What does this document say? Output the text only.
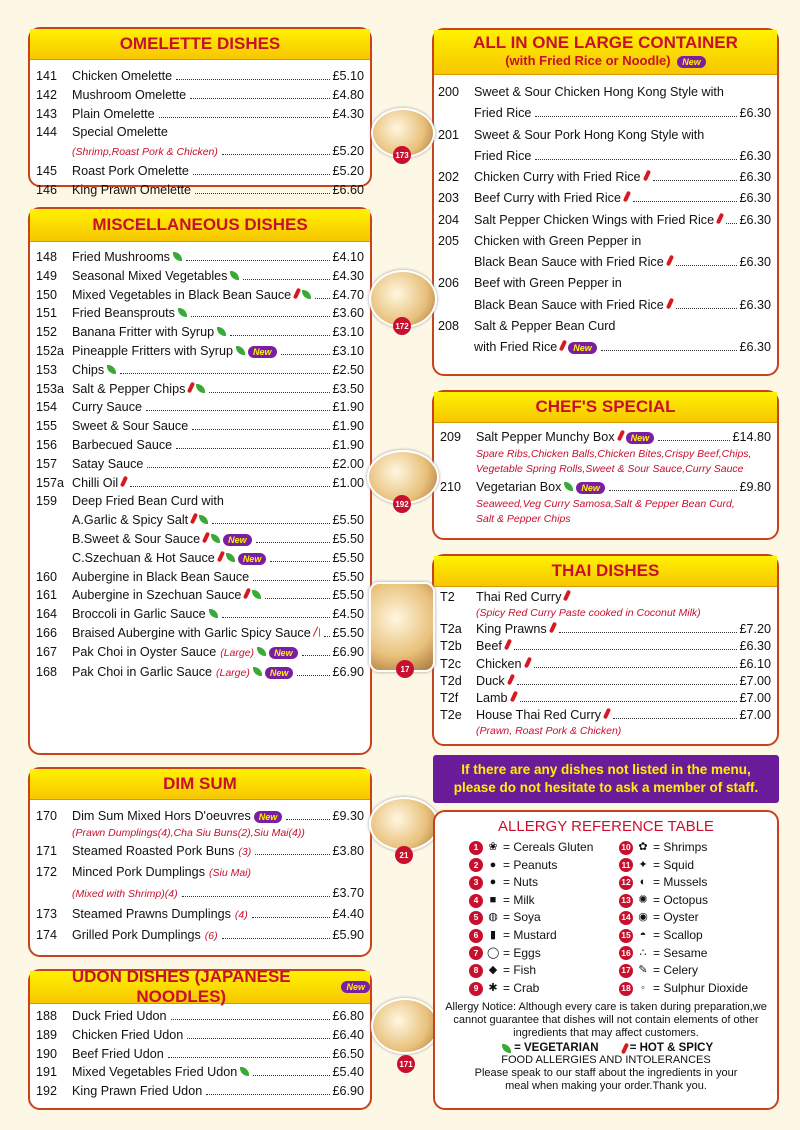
OMELETTE DISHES
141	Chicken Omelette	£5.10
142	Mushroom Omelette	£4.80
143	Plain Omelette	£4.30
144	Special Omelette
(Shrimp,Roast Pork & Chicken)	£5.20
145	Roast Pork Omelette	£5.20
146	King Prawn Omelette	£6.60
MISCELLANEOUS DISHES
148	Fried Mushrooms	£4.10
149	Seasonal Mixed Vegetables	£4.30
150	Mixed Vegetables in Black Bean Sauce	£4.70
151	Fried Beansprouts	£3.60
152	Banana Fritter with Syrup	£3.10
152a Pineapple Fritters with Syrup	New	£3.10
153	Chips	£2.50
153a Salt & Pepper Chips	£3.50
154	Curry Sauce	£1.90
155	Sweet & Sour Sauce	£1.90
156	Barbecued Sauce	£1.90
157	Satay Sauce	£2.00
157a Chilli Oil	£1.00
159	Deep Fried Bean Curd with
A.Garlic & Spicy Salt	£5.50
B.Sweet & Sour Sauce	New	£5.50
C.Szechuan & Hot Sauce	New	£5.50
160	Aubergine in Black Bean Sauce	£5.50
161	Aubergine in Szechuan Sauce	£5.50
164	Broccoli in Garlic Sauce	£4.50
166	Braised Aubergine with Garlic Spicy Sauce £5.50
167	Pak Choi in Oyster Sauce (Large)	New	£6.90
168	Pak Choi in Garlic Sauce (Large)	New	£6.90
DIM SUM
170	Dim Sum Mixed Hors D'oeuvres New	£9.30
(Prawn Dumplings(4),Cha Siu Buns(2),Siu Mai(4))
171	Steamed Roasted Pork Buns (3)	£3.80
172	Minced Pork Dumplings (Siu Mai)
(Mixed with Shrimp)(4)	£3.70
173	Steamed Prawns Dumplings (4)	£4.40
174	Grilled Pork Dumplings (6)	£5.90
UDON DISHES (JAPANESE NOODLES)	New
188	Duck Fried Udon	£6.80
189	Chicken Fried Udon	£6.40
190	Beef Fried Udon	£6.50
191	Mixed Vegetables Fried Udon	£5.40
192	King Prawn Fried Udon	£6.90
ALL IN ONE LARGE CONTAINER
(with Fried Rice or Noodle) New
200	Sweet & Sour Chicken Hong Kong Style with
Fried Rice	£6.30
201	Sweet & Sour Pork Hong Kong Style with
Fried Rice	£6.30
202	Chicken Curry with Fried Rice	£6.30
203	Beef Curry with Fried Rice	£6.30
204	Salt Pepper Chicken Wings with Fried Rice £6.30
205	Chicken with Green Pepper in
Black Bean Sauce with Fried Rice	£6.30
206	Beef with Green Pepper in
Black Bean Sauce with Fried Rice	£6.30
208	Salt & Pepper Bean Curd
with Fried Rice	New	£6.30
CHEF'S SPECIAL
209	Salt Pepper Munchy Box	New	£14.80
Spare Ribs,Chicken Balls,Chicken Bites,Crispy Beef,Chips,
Vegetable Spring Rolls,Sweet & Sour Sauce,Curry Sauce
210	Vegetarian Box	New	£9.80
Seaweed,Veg Curry Samosa,Salt & Pepper Bean Curd,
Salt & Pepper Chips
THAI DISHES
T2	Thai Red Curry
(Spicy Red Curry Paste cooked in Coconut Milk)
T2a	King Prawns	£7.20
T2b	Beef	£6.30
T2c	Chicken	£6.10
T2d	Duck	£7.00
T2f	Lamb	£7.00
T2e	House Thai Red Curry	£7.00
(Prawn, Roast Pork & Chicken)
173
172
192
17
21
171
If there are any dishes not listed in the menu,
please do not hesitate to ask a member of staff.
ALLERGY REFERENCE TABLE
1 ❀ = Cereals Gluten	10 ✿ = Shrimps
2	● = Peanuts	11 ✦ = Squid
3	● = Nuts	12 ◐ = Mussels
4	■ = Milk	13 ✺ = Octopus
5 ◍ = Soya	14 ◉ = Oyster
6	▮ = Mustard	15 ◓ = Scallop
7 ◯ = Eggs	16 ∴ = Sesame
8 ◆ = Fish	17 ✎ = Celery
9 ✱ = Crab	18 ◦ = Sulphur Dioxide
Allergy Notice: Although every care is taken during preparation,we cannot guarantee that dishes will not contain elements of other ingredients that may affect customers.
= VEGETARIAN	= HOT & SPICY
FOOD ALLERGIES AND INTOLERANCES
Please speak to our staff about the ingredients in your meal when making your order.Thank you.
